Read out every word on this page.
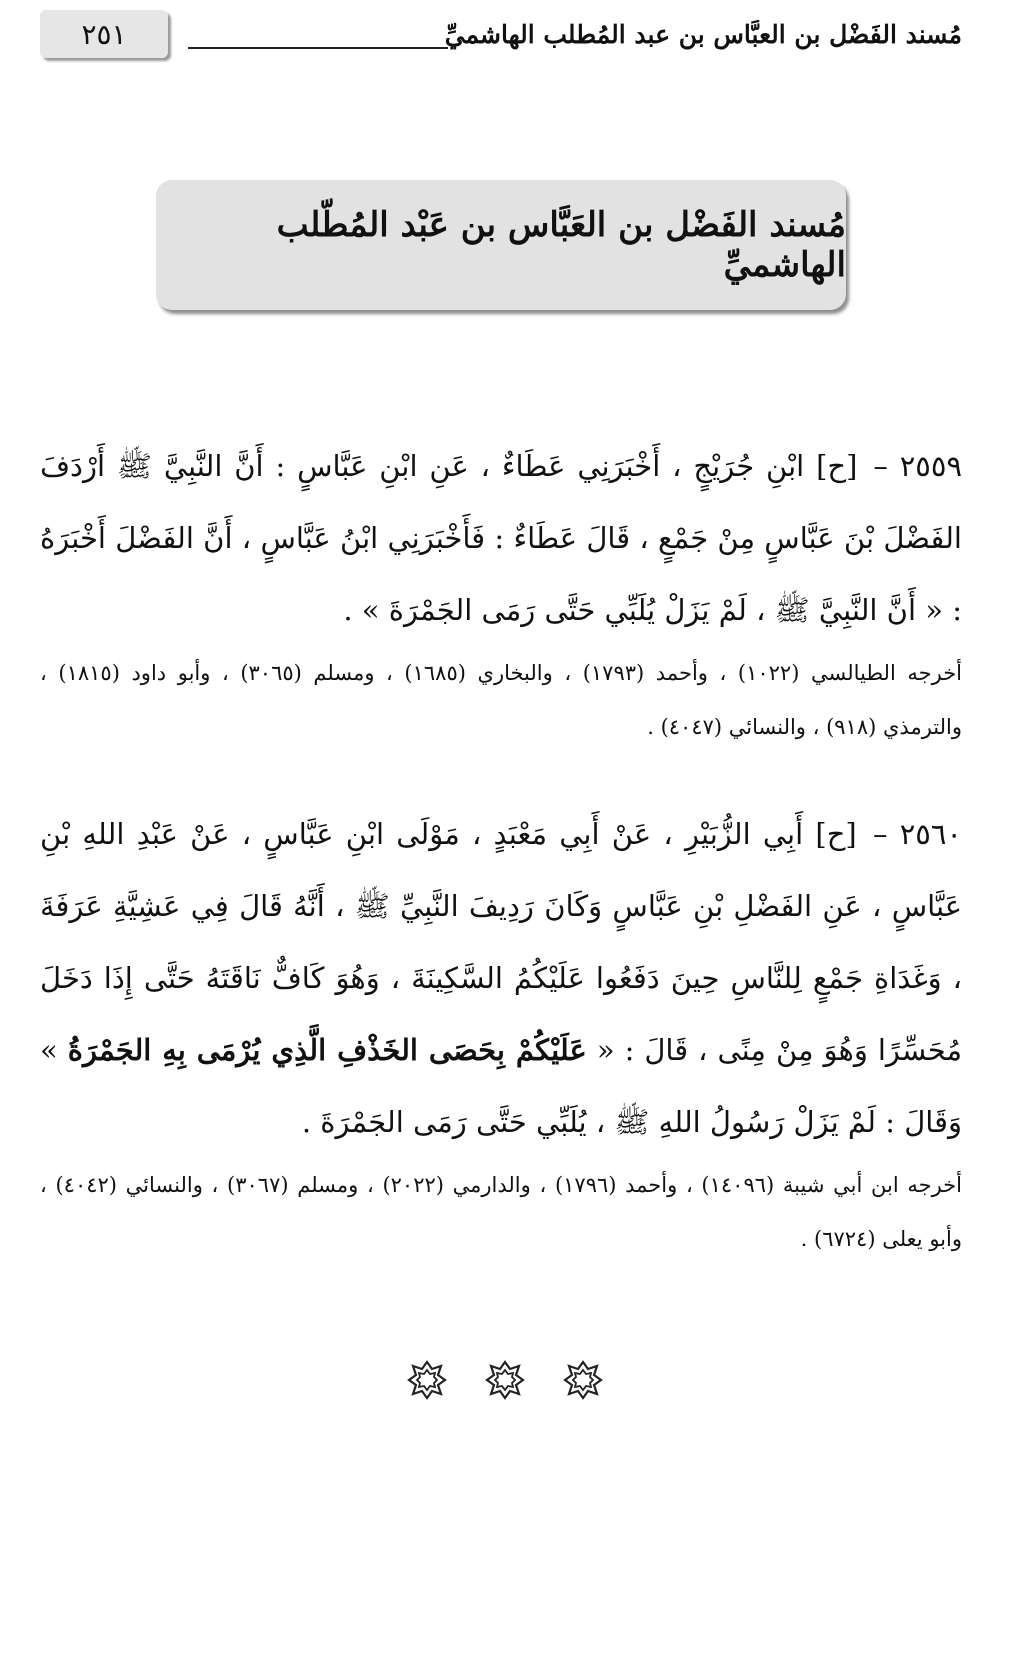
٢٥١	مُسند الفَضْل بن العبَّاس بن عبد المُطلب الهاشميِّ
مُسند الفَضْل بن العَبَّاس بن عَبْد المُطّلب الهاشميِّ

٢٥٥٩ – [ح] ابْنِ جُرَيْجٍ ، أَخْبَرَنِي عَطَاءٌ ، عَنِ ابْنِ عَبَّاسٍ : أَنَّ النَّبِيَّ ﷺ أَرْدَفَ الفَضْلَ بْنَ عَبَّاسٍ مِنْ جَمْعٍ ، قَالَ عَطَاءٌ : فَأَخْبَرَنِي ابْنُ عَبَّاسٍ ، أَنَّ الفَضْلَ أَخْبَرَهُ : « أَنَّ النَّبِيَّ ﷺ ، لَمْ يَزَلْ يُلَبِّي حَتَّى رَمَى الجَمْرَةَ » .

أخرجه الطيالسي (١٠٢٢) ، وأحمد (١٧٩٣) ، والبخاري (١٦٨٥) ، ومسلم (٣٠٦٥) ، وأبو داود (١٨١٥) ، والترمذي (٩١٨) ، والنسائي (٤٠٤٧) .

٢٥٦٠ – [ح] أَبِي الزُّبَيْرِ ، عَنْ أَبِي مَعْبَدٍ ، مَوْلَى ابْنِ عَبَّاسٍ ، عَنْ عَبْدِ اللهِ بْنِ عَبَّاسٍ ، عَنِ الفَضْلِ بْنِ عَبَّاسٍ وَكَانَ رَدِيفَ النَّبِيِّ ﷺ ، أَنَّهُ قَالَ فِي عَشِيَّةِ عَرَفَةَ ، وَغَدَاةِ جَمْعٍ لِلنَّاسِ حِينَ دَفَعُوا عَلَيْكُمُ السَّكِينَةَ ، وَهُوَ كَافٌّ نَاقَتَهُ حَتَّى إِذَا دَخَلَ مُحَسِّرًا وَهُوَ مِنْ مِنًى ، قَالَ : « عَلَيْكُمْ بِحَصَى الخَذْفِ الَّذِي يُرْمَى بِهِ الجَمْرَةُ » وَقَالَ : لَمْ يَزَلْ رَسُولُ اللهِ ﷺ ، يُلَبِّي حَتَّى رَمَى الجَمْرَةَ .

أخرجه ابن أبي شيبة (١٤٠٩٦) ، وأحمد (١٧٩٦) ، والدارمي (٢٠٢٢) ، ومسلم (٣٠٦٧) ، والنسائي (٤٠٤٢) ، وأبو يعلى (٦٧٢٤) .
